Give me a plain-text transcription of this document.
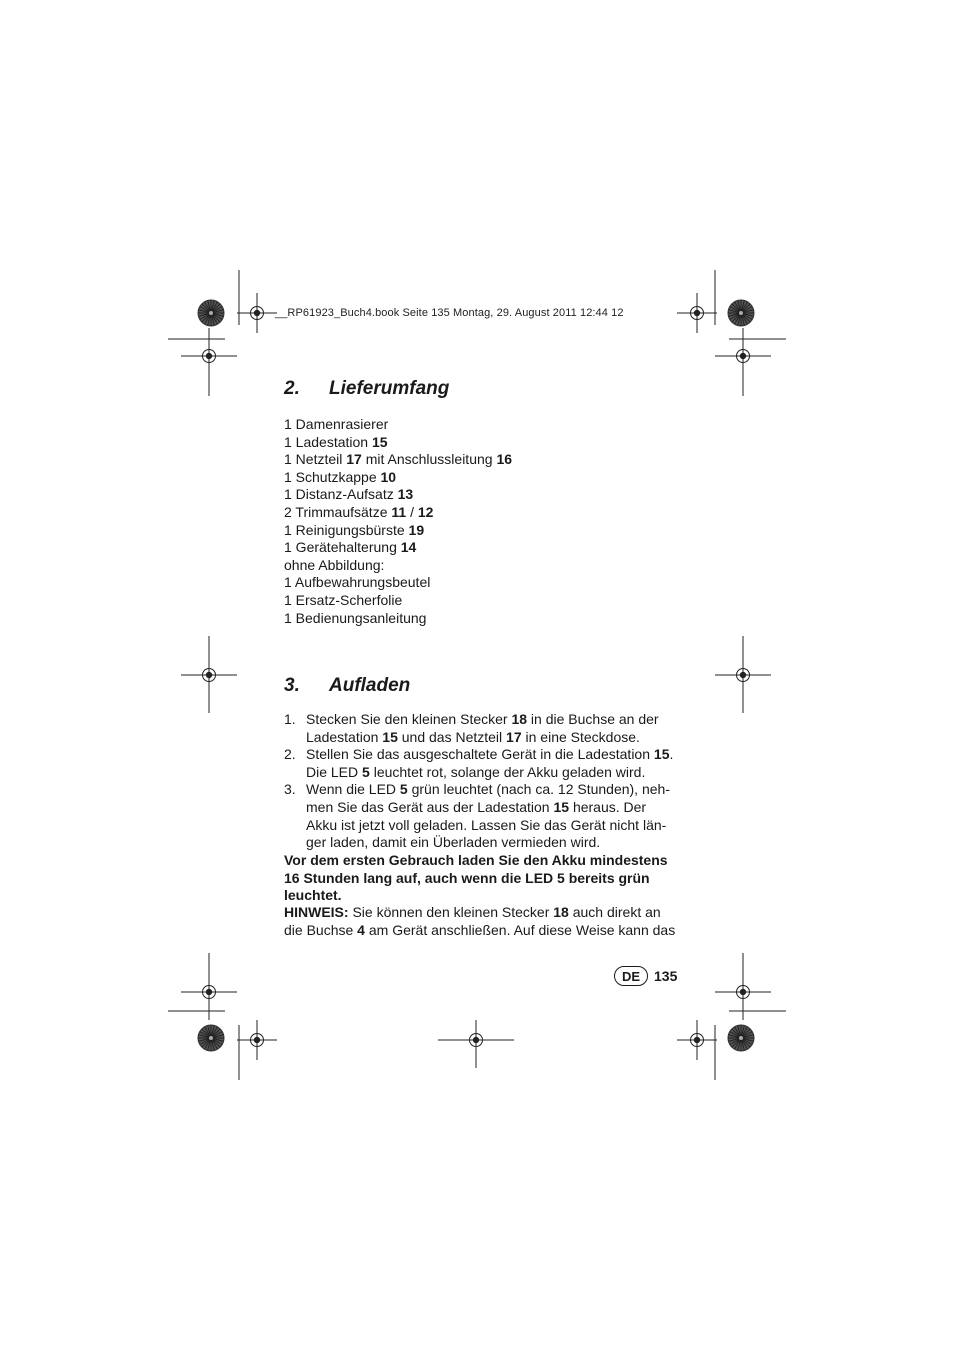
__RP61923_Buch4.book Seite 135 Montag, 29. August 2011 12:44 12
2. Lieferumfang
1 Damenrasierer
1 Ladestation 15
1 Netzteil 17 mit Anschlussleitung 16
1 Schutzkappe 10
1 Distanz-Aufsatz 13
2 Trimmaufsätze 11 / 12
1 Reinigungsbürste 19
1 Gerätehalterung 14
ohne Abbildung:
1 Aufbewahrungsbeutel
1 Ersatz-Scherfolie
1 Bedienungsanleitung
3. Aufladen
1. Stecken Sie den kleinen Stecker 18 in die Buchse an der
Ladestation 15 und das Netzteil 17 in eine Steckdose.
2. Stellen Sie das ausgeschaltete Gerät in die Ladestation 15.
Die LED 5 leuchtet rot, solange der Akku geladen wird.
3. Wenn die LED 5 grün leuchtet (nach ca. 12 Stunden), neh-
men Sie das Gerät aus der Ladestation 15 heraus. Der
Akku ist jetzt voll geladen. Lassen Sie das Gerät nicht län-
ger laden, damit ein Überladen vermieden wird.
Vor dem ersten Gebrauch laden Sie den Akku mindestens
16 Stunden lang auf, auch wenn die LED 5 bereits grün
leuchtet.
HINWEIS: Sie können den kleinen Stecker 18 auch direkt an
die Buchse 4 am Gerät anschließen. Auf diese Weise kann das
DE 135
